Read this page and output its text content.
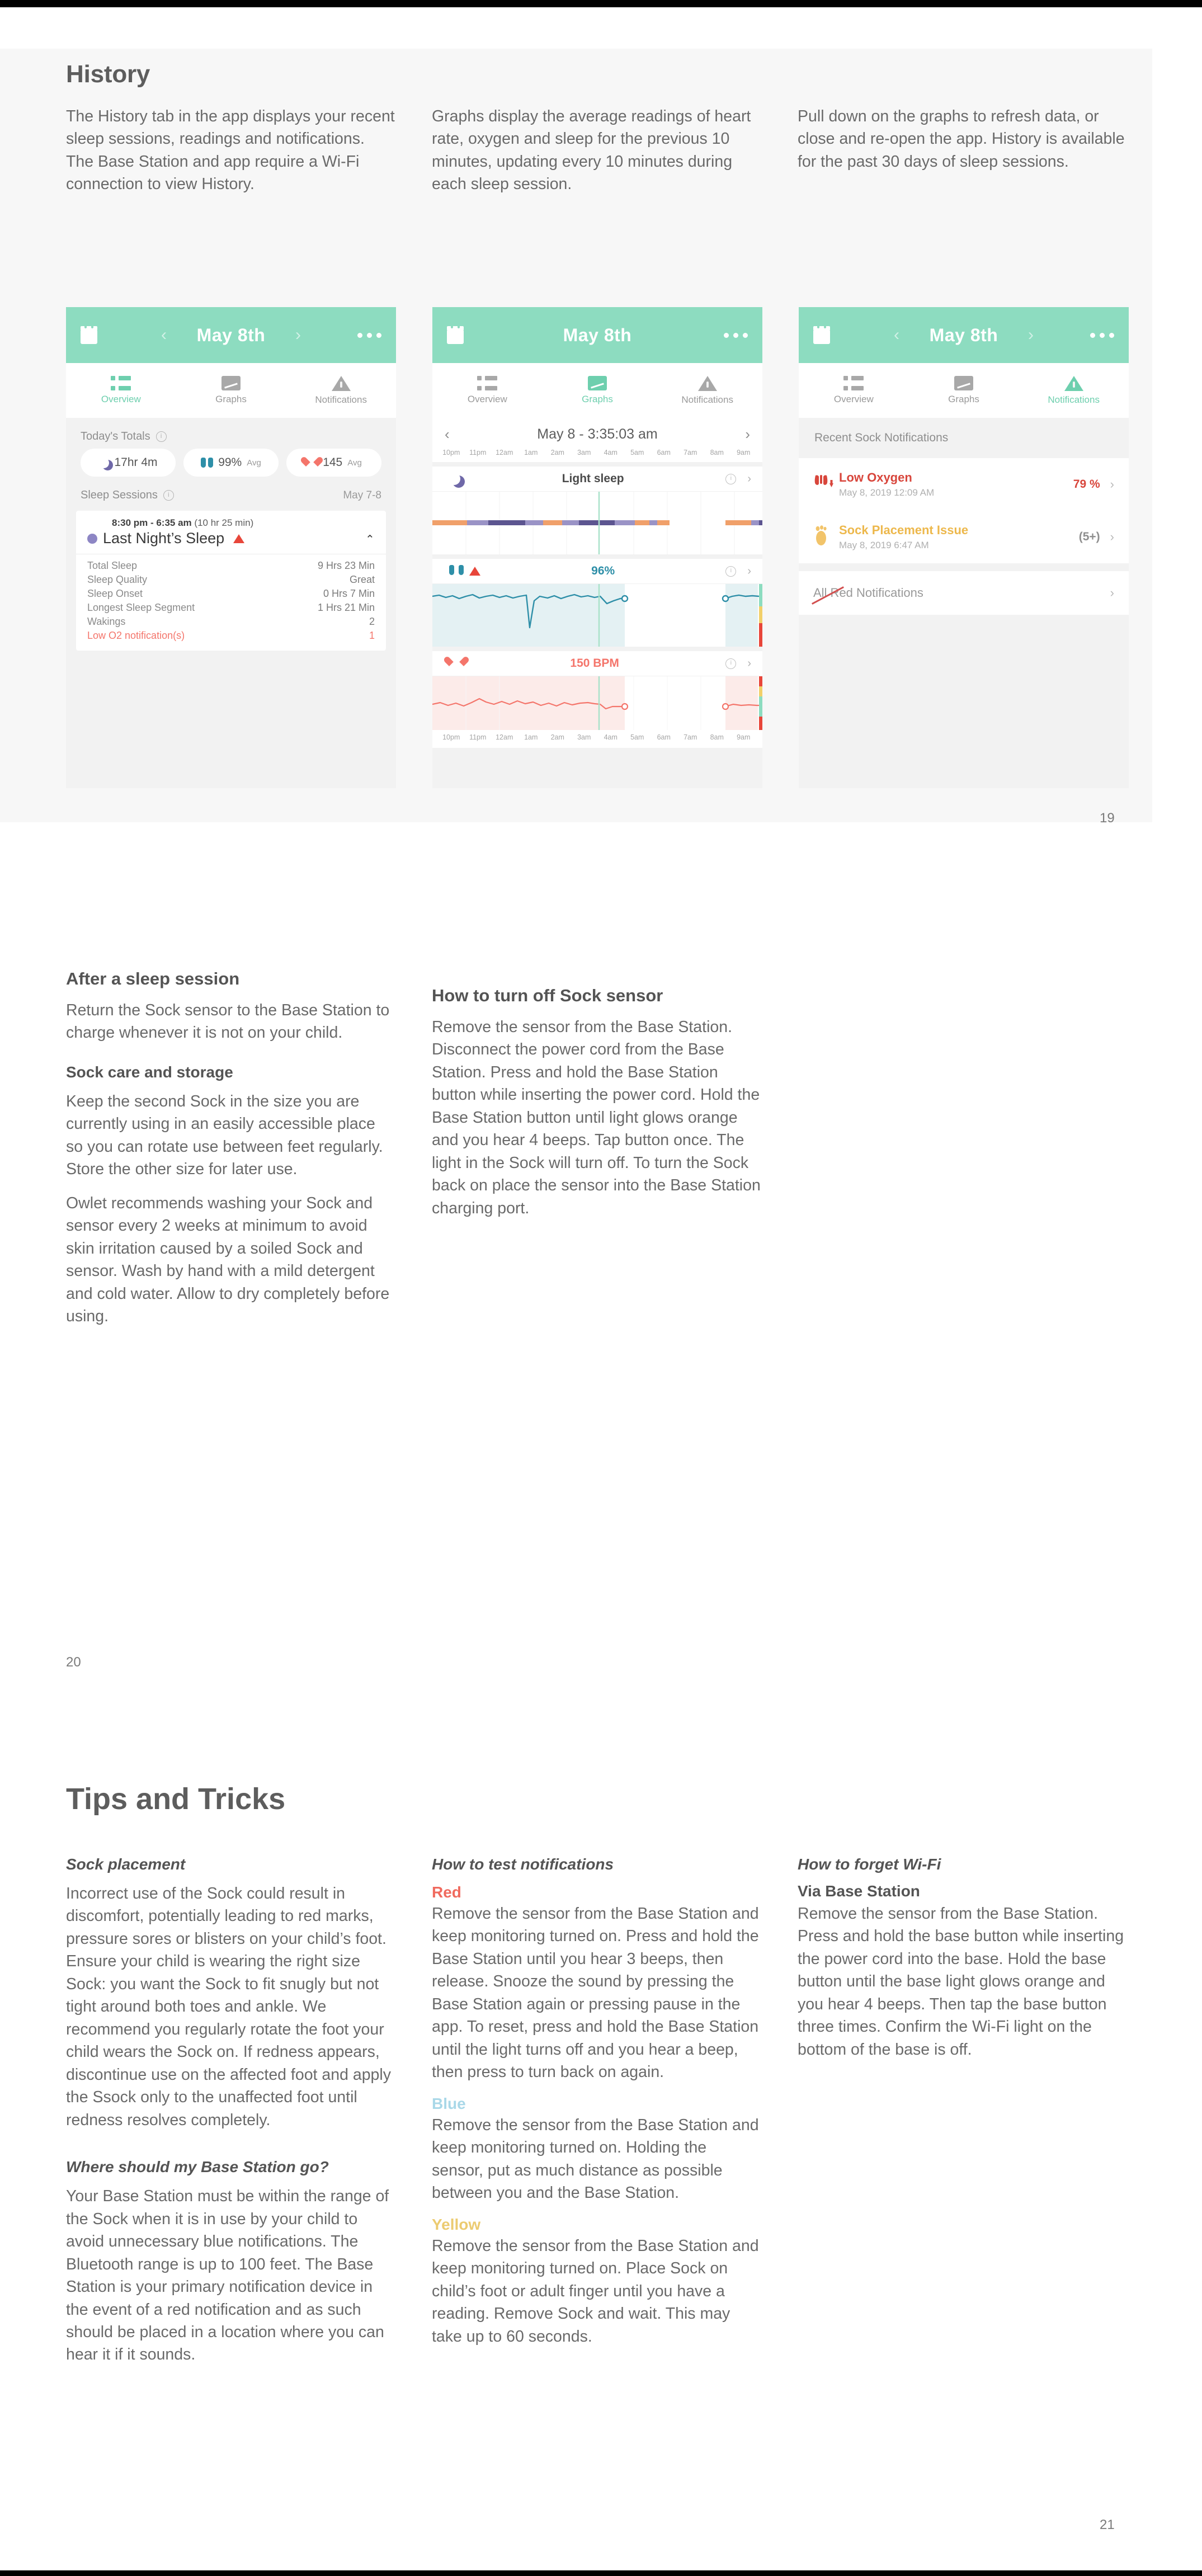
History

The History tab in the app displays your recent sleep sessions, readings and notifications. The Base Station and app require a Wi-Fi connection to view History.

Graphs display the average readings of heart rate, oxygen and sleep for the previous 10 minutes, updating every 10 minutes during each sleep session.

Pull down on the graphs to refresh data, or close and re-open the app. History is available for the past 30 days of sleep sessions.

‹	May 8th	›
Overview	Graphs	Notifications
Today's Totals	i
17hr 4m	99% Avg	145 Avg
Sleep Sessions	i	May 7-8
8:30 pm - 6:35 am (10 hr 25 min)
Last Night’s Sleep	⌄
Total Sleep	9 Hrs 23 Min
Sleep Quality	Great
Sleep Onset	0 Hrs 7 Min
Longest Sleep Segment	1 Hrs 21 Min
Wakings	2
Low O2 notification(s)	1
May 8th
Overview	Graphs	Notifications
‹	May 8 - 3:35:03 am	›
10pm	11pm	12am	1am	2am	3am	4am	5am	6am	7am	8am	9am
Light sleep	i	›
96%	i	›
150 BPM	i	›
10pm	11pm	12am	1am	2am	3am	4am	5am	6am	7am	8am	9am
‹	May 8th	›
Overview	Graphs	Notifications
Recent Sock Notifications
Low Oxygen
May 8, 2019 12:09 AM
79 % ›
Sock Placement Issue
May 8, 2019 6:47 AM
(5+) ›
All Red Notifications	›
19
After a sleep session

Return the Sock sensor to the Base Station to charge whenever it is not on your child.

Sock care and storage

Keep the second Sock in the size you are currently using in an easily accessible place so you can rotate use between feet regularly. Store the other size for later use.

Owlet recommends washing your Sock and sensor every 2 weeks at minimum to avoid skin irritation caused by a soiled Sock and sensor. Wash by hand with a mild detergent and cold water. Allow to dry completely before using.

How to turn off Sock sensor

Remove the sensor from the Base Station. Disconnect the power cord from the Base Station. Press and hold the Base Station button while inserting the power cord. Hold the Base Station button until light glows orange and you hear 4 beeps. Tap button once. The light in the Sock will turn off. To turn the Sock back on place the sensor into the Base Station charging port.

20
Tips and Tricks
Sock placement

Incorrect use of the Sock could result in discomfort, potentially leading to red marks, pressure sores or blisters on your child’s foot. Ensure your child is wearing the right size Sock: you want the Sock to fit snugly but not tight around both toes and ankle. We recommend you regularly rotate the foot your child wears the Sock on. If redness appears, discontinue use on the affected foot and apply the Ssock only to the unaffected foot until redness resolves completely.

Where should my Base Station go?

Your Base Station must be within the range of the Sock when it is in use by your child to avoid unnecessary blue notifications. The Bluetooth range is up to 100 feet. The Base Station is your primary notification device in the event of a red notification and as such should be placed in a location where you can hear it if it sounds.

How to test notifications
Red

Remove the sensor from the Base Station and keep monitoring turned on. Press and hold the Base Station until you hear 3 beeps, then release. Snooze the sound by pressing the Base Station again or pressing pause in the app. To reset, press and hold the Base Station until the light turns off and you hear a beep, then press to turn back on again.

Blue

Remove the sensor from the Base Station and keep monitoring turned on. Holding the sensor, put as much distance as possible between you and the Base Station.

Yellow

Remove the sensor from the Base Station and keep monitoring turned on. Place Sock on child’s foot or adult finger until you have a reading. Remove Sock and wait. This may take up to 60 seconds.

How to forget Wi-Fi
Via Base Station

Remove the sensor from the Base Station. Press and hold the base button while inserting the power cord into the base. Hold the base button until the base light glows orange and you hear 4 beeps. Then tap the base button three times. Confirm the Wi-Fi light on the bottom of the base is off.

21
